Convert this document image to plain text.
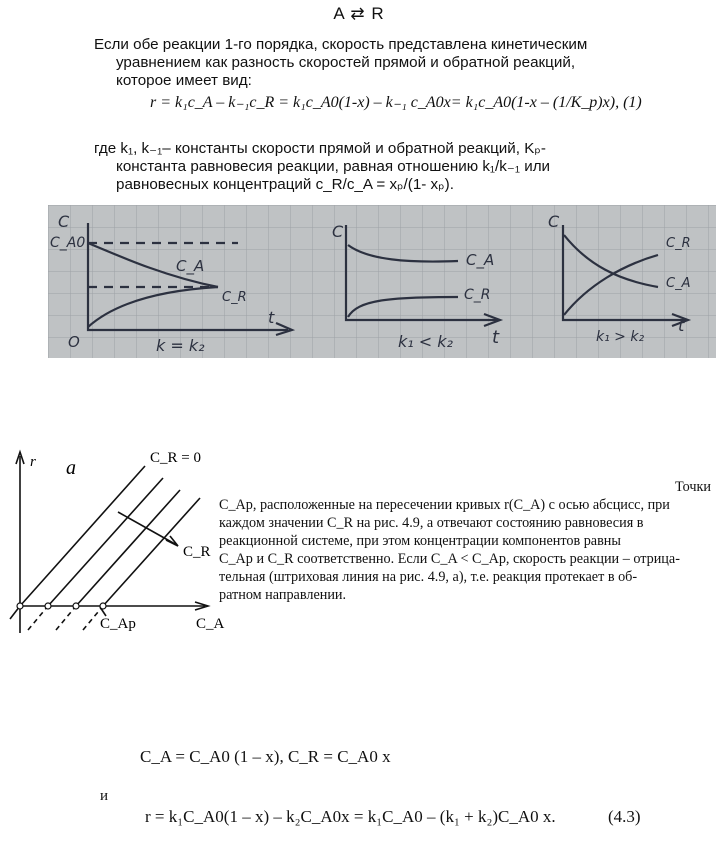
A ⇄ R
Если обе реакции 1-го порядка, скорость представлена кинетическим
уравнением как разность скоростей прямой и обратной реакций,
которое имеет вид:
r = k₁c_A – k₋₁c_R = k₁c_A0(1-x) – k₋₁ c_A0x= k₁c_A0(1-x – (1/K_p)x), (1)
где k₁, k₋₁– константы скорости прямой и обратной реакций, Kₚ-
константа равновесия реакции, равная отношению k₁/k₋₁ или
равновесных концентраций c_R/c_A = xₚ/(1- xₚ).
C
C_A0
C_A
C_R
t
O	k = k₂
C
C_A
C_R
t
k₁ < k₂
C
C_R
C_A
t
k₁ > k₂
r a	C_R = 0
C_R
C_A
C_Ap
Точки
C_Ap, расположенные на пересечении кривых r(C_A) с осью абсцисс, при
каждом значении C_R на рис. 4.9, a отвечают состоянию равновесия в
реакционной системе, при этом концентрации компонентов равны
C_Ap и C_R соответственно. Если C_A < C_Ap, скорость реакции – отрица-
тельная (штриховая линия на рис. 4.9, a), т.е. реакция протекает в об-
ратном направлении.
C_A = C_A0 (1 – x), C_R = C_A0 x
и
r = k₁C_A0(1 – x) – k₂C_A0x = k₁C_A0 – (k₁ + k₂)C_A0 x.	(4.3)
